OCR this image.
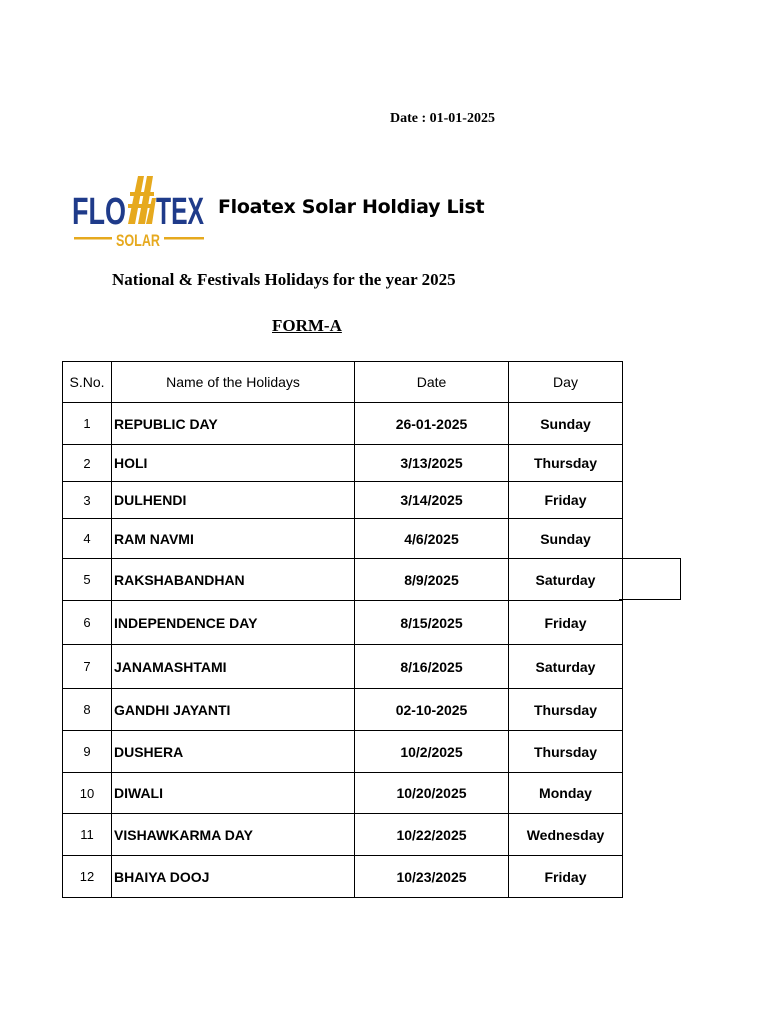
Date : 01-01-2025
FLO TEX
SOLAR
Floatex Solar Holdiay List
National & Festivals Holidays for the year 2025
FORM-A
S.No.	Name of the Holidays	Date	Day
1	REPUBLIC DAY	26-01-2025	Sunday
2	HOLI	3/13/2025	Thursday
3	DULHENDI	3/14/2025	Friday
4	RAM NAVMI	4/6/2025	Sunday
5	RAKSHABANDHAN	8/9/2025	Saturday
6	INDEPENDENCE DAY	8/15/2025	Friday
7	JANAMASHTAMI	8/16/2025	Saturday
8	GANDHI JAYANTI	02-10-2025	Thursday
9	DUSHERA	10/2/2025	Thursday
10	DIWALI	10/20/2025	Monday
11	VISHAWKARMA DAY	10/22/2025	Wednesday
12	BHAIYA DOOJ	10/23/2025	Friday
